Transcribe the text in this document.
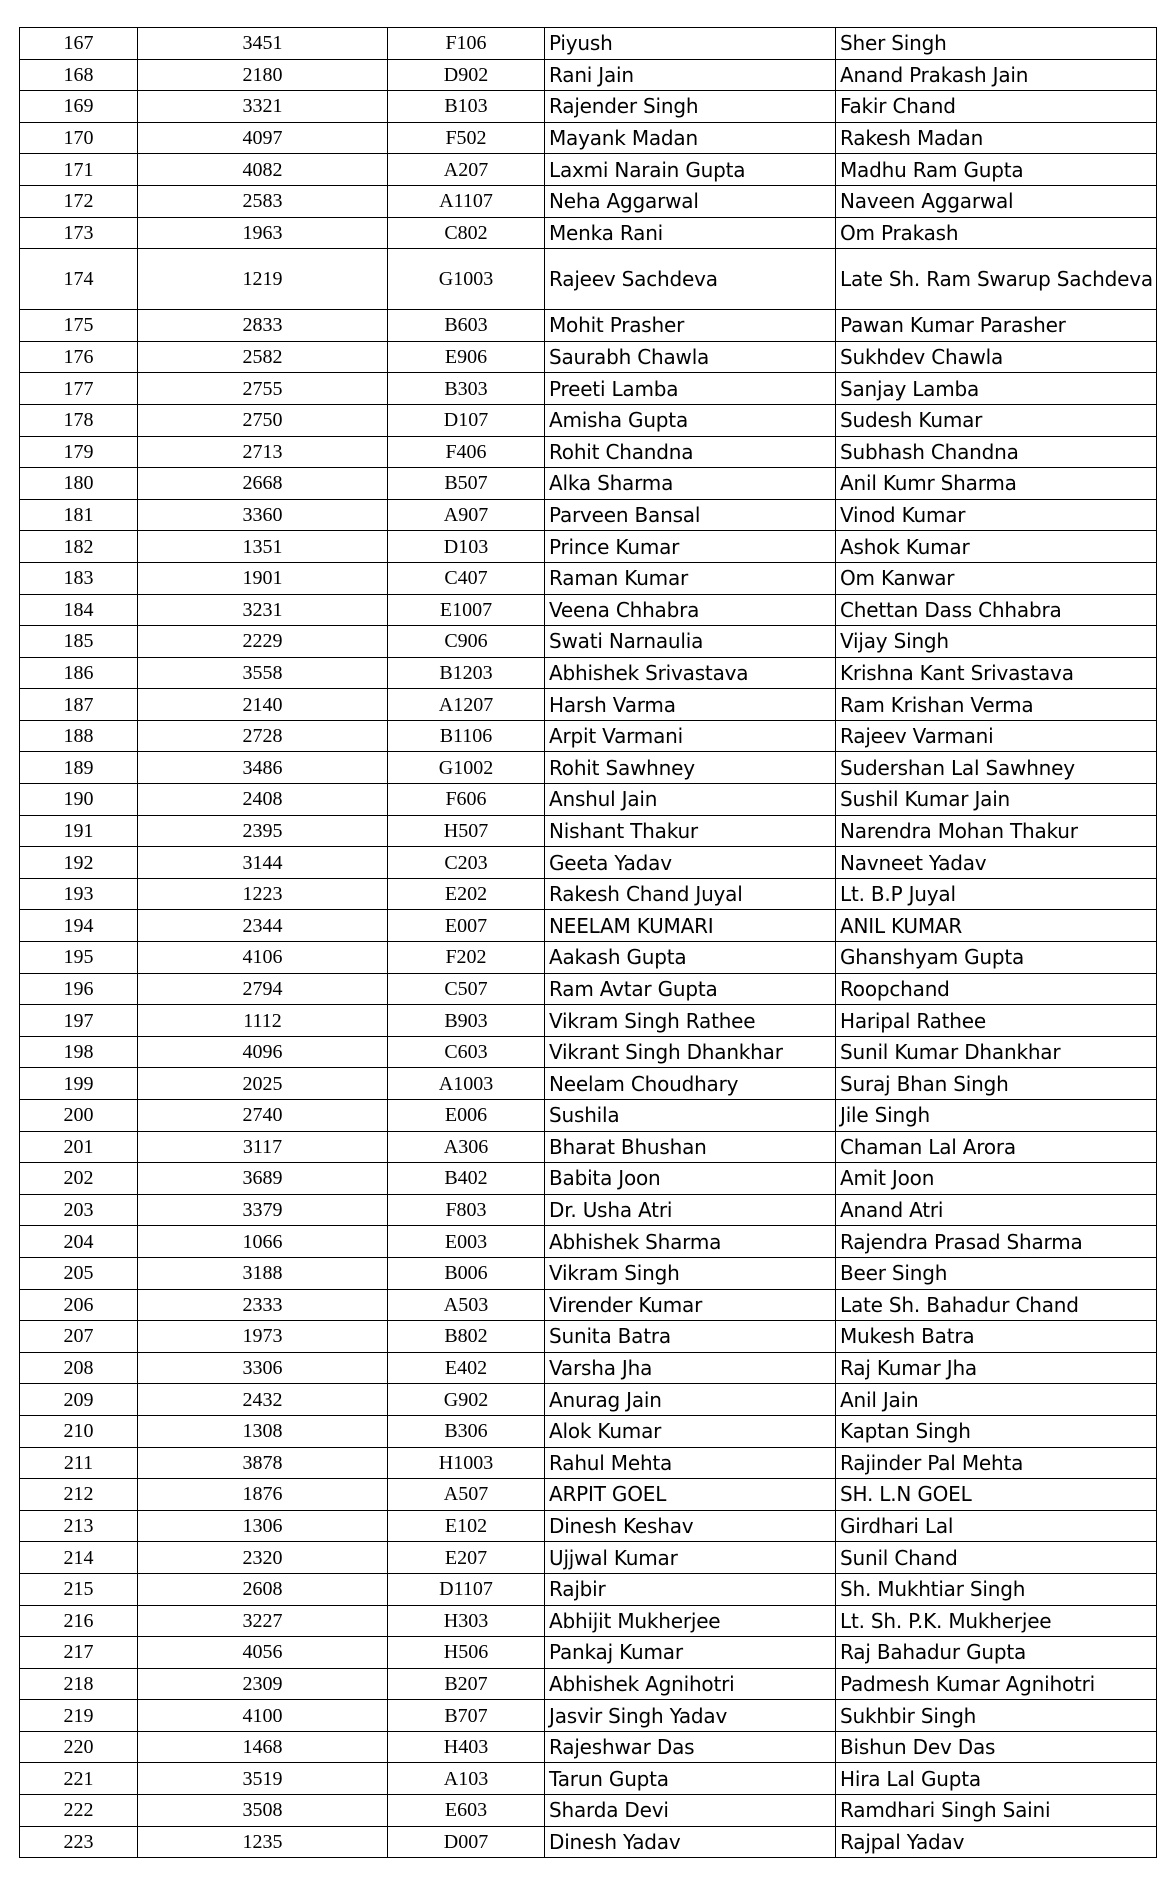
167	3451	F106	Piyush	Sher Singh
168	2180	D902	Rani Jain	Anand Prakash Jain
169	3321	B103	Rajender Singh	Fakir Chand
170	4097	F502	Mayank Madan	Rakesh Madan
171	4082	A207	Laxmi Narain Gupta	Madhu Ram Gupta
172	2583	A1107	Neha Aggarwal	Naveen Aggarwal
173	1963	C802	Menka Rani	Om Prakash
174	1219	G1003	Rajeev Sachdeva	Late Sh. Ram Swarup Sachdeva
175	2833	B603	Mohit Prasher	Pawan Kumar Parasher
176	2582	E906	Saurabh Chawla	Sukhdev Chawla
177	2755	B303	Preeti Lamba	Sanjay Lamba
178	2750	D107	Amisha Gupta	Sudesh Kumar
179	2713	F406	Rohit Chandna	Subhash Chandna
180	2668	B507	Alka Sharma	Anil Kumr Sharma
181	3360	A907	Parveen Bansal	Vinod Kumar
182	1351	D103	Prince Kumar	Ashok Kumar
183	1901	C407	Raman Kumar	Om Kanwar
184	3231	E1007	Veena Chhabra	Chettan Dass Chhabra
185	2229	C906	Swati Narnaulia	Vijay Singh
186	3558	B1203	Abhishek Srivastava	Krishna Kant Srivastava
187	2140	A1207	Harsh Varma	Ram Krishan Verma
188	2728	B1106	Arpit Varmani	Rajeev Varmani
189	3486	G1002	Rohit Sawhney	Sudershan Lal Sawhney
190	2408	F606	Anshul Jain	Sushil Kumar Jain
191	2395	H507	Nishant Thakur	Narendra Mohan Thakur
192	3144	C203	Geeta Yadav	Navneet Yadav
193	1223	E202	Rakesh Chand Juyal	Lt. B.P Juyal
194	2344	E007	NEELAM KUMARI	ANIL KUMAR
195	4106	F202	Aakash Gupta	Ghanshyam Gupta
196	2794	C507	Ram Avtar Gupta	Roopchand
197	1112	B903	Vikram Singh Rathee	Haripal Rathee
198	4096	C603	Vikrant Singh Dhankhar	Sunil Kumar Dhankhar
199	2025	A1003	Neelam Choudhary	Suraj Bhan Singh
200	2740	E006	Sushila	Jile Singh
201	3117	A306	Bharat Bhushan	Chaman Lal Arora
202	3689	B402	Babita Joon	Amit Joon
203	3379	F803	Dr. Usha Atri	Anand Atri
204	1066	E003	Abhishek Sharma	Rajendra Prasad Sharma
205	3188	B006	Vikram Singh	Beer Singh
206	2333	A503	Virender Kumar	Late Sh. Bahadur Chand
207	1973	B802	Sunita Batra	Mukesh Batra
208	3306	E402	Varsha Jha	Raj Kumar Jha
209	2432	G902	Anurag Jain	Anil Jain
210	1308	B306	Alok Kumar	Kaptan Singh
211	3878	H1003	Rahul Mehta	Rajinder Pal Mehta
212	1876	A507	ARPIT GOEL	SH. L.N GOEL
213	1306	E102	Dinesh Keshav	Girdhari Lal
214	2320	E207	Ujjwal Kumar	Sunil Chand
215	2608	D1107	Rajbir	Sh. Mukhtiar Singh
216	3227	H303	Abhijit Mukherjee	Lt. Sh. P.K. Mukherjee
217	4056	H506	Pankaj Kumar	Raj Bahadur Gupta
218	2309	B207	Abhishek Agnihotri	Padmesh Kumar Agnihotri
219	4100	B707	Jasvir Singh Yadav	Sukhbir Singh
220	1468	H403	Rajeshwar Das	Bishun Dev Das
221	3519	A103	Tarun Gupta	Hira Lal Gupta
222	3508	E603	Sharda Devi	Ramdhari Singh Saini
223	1235	D007	Dinesh Yadav	Rajpal Yadav
